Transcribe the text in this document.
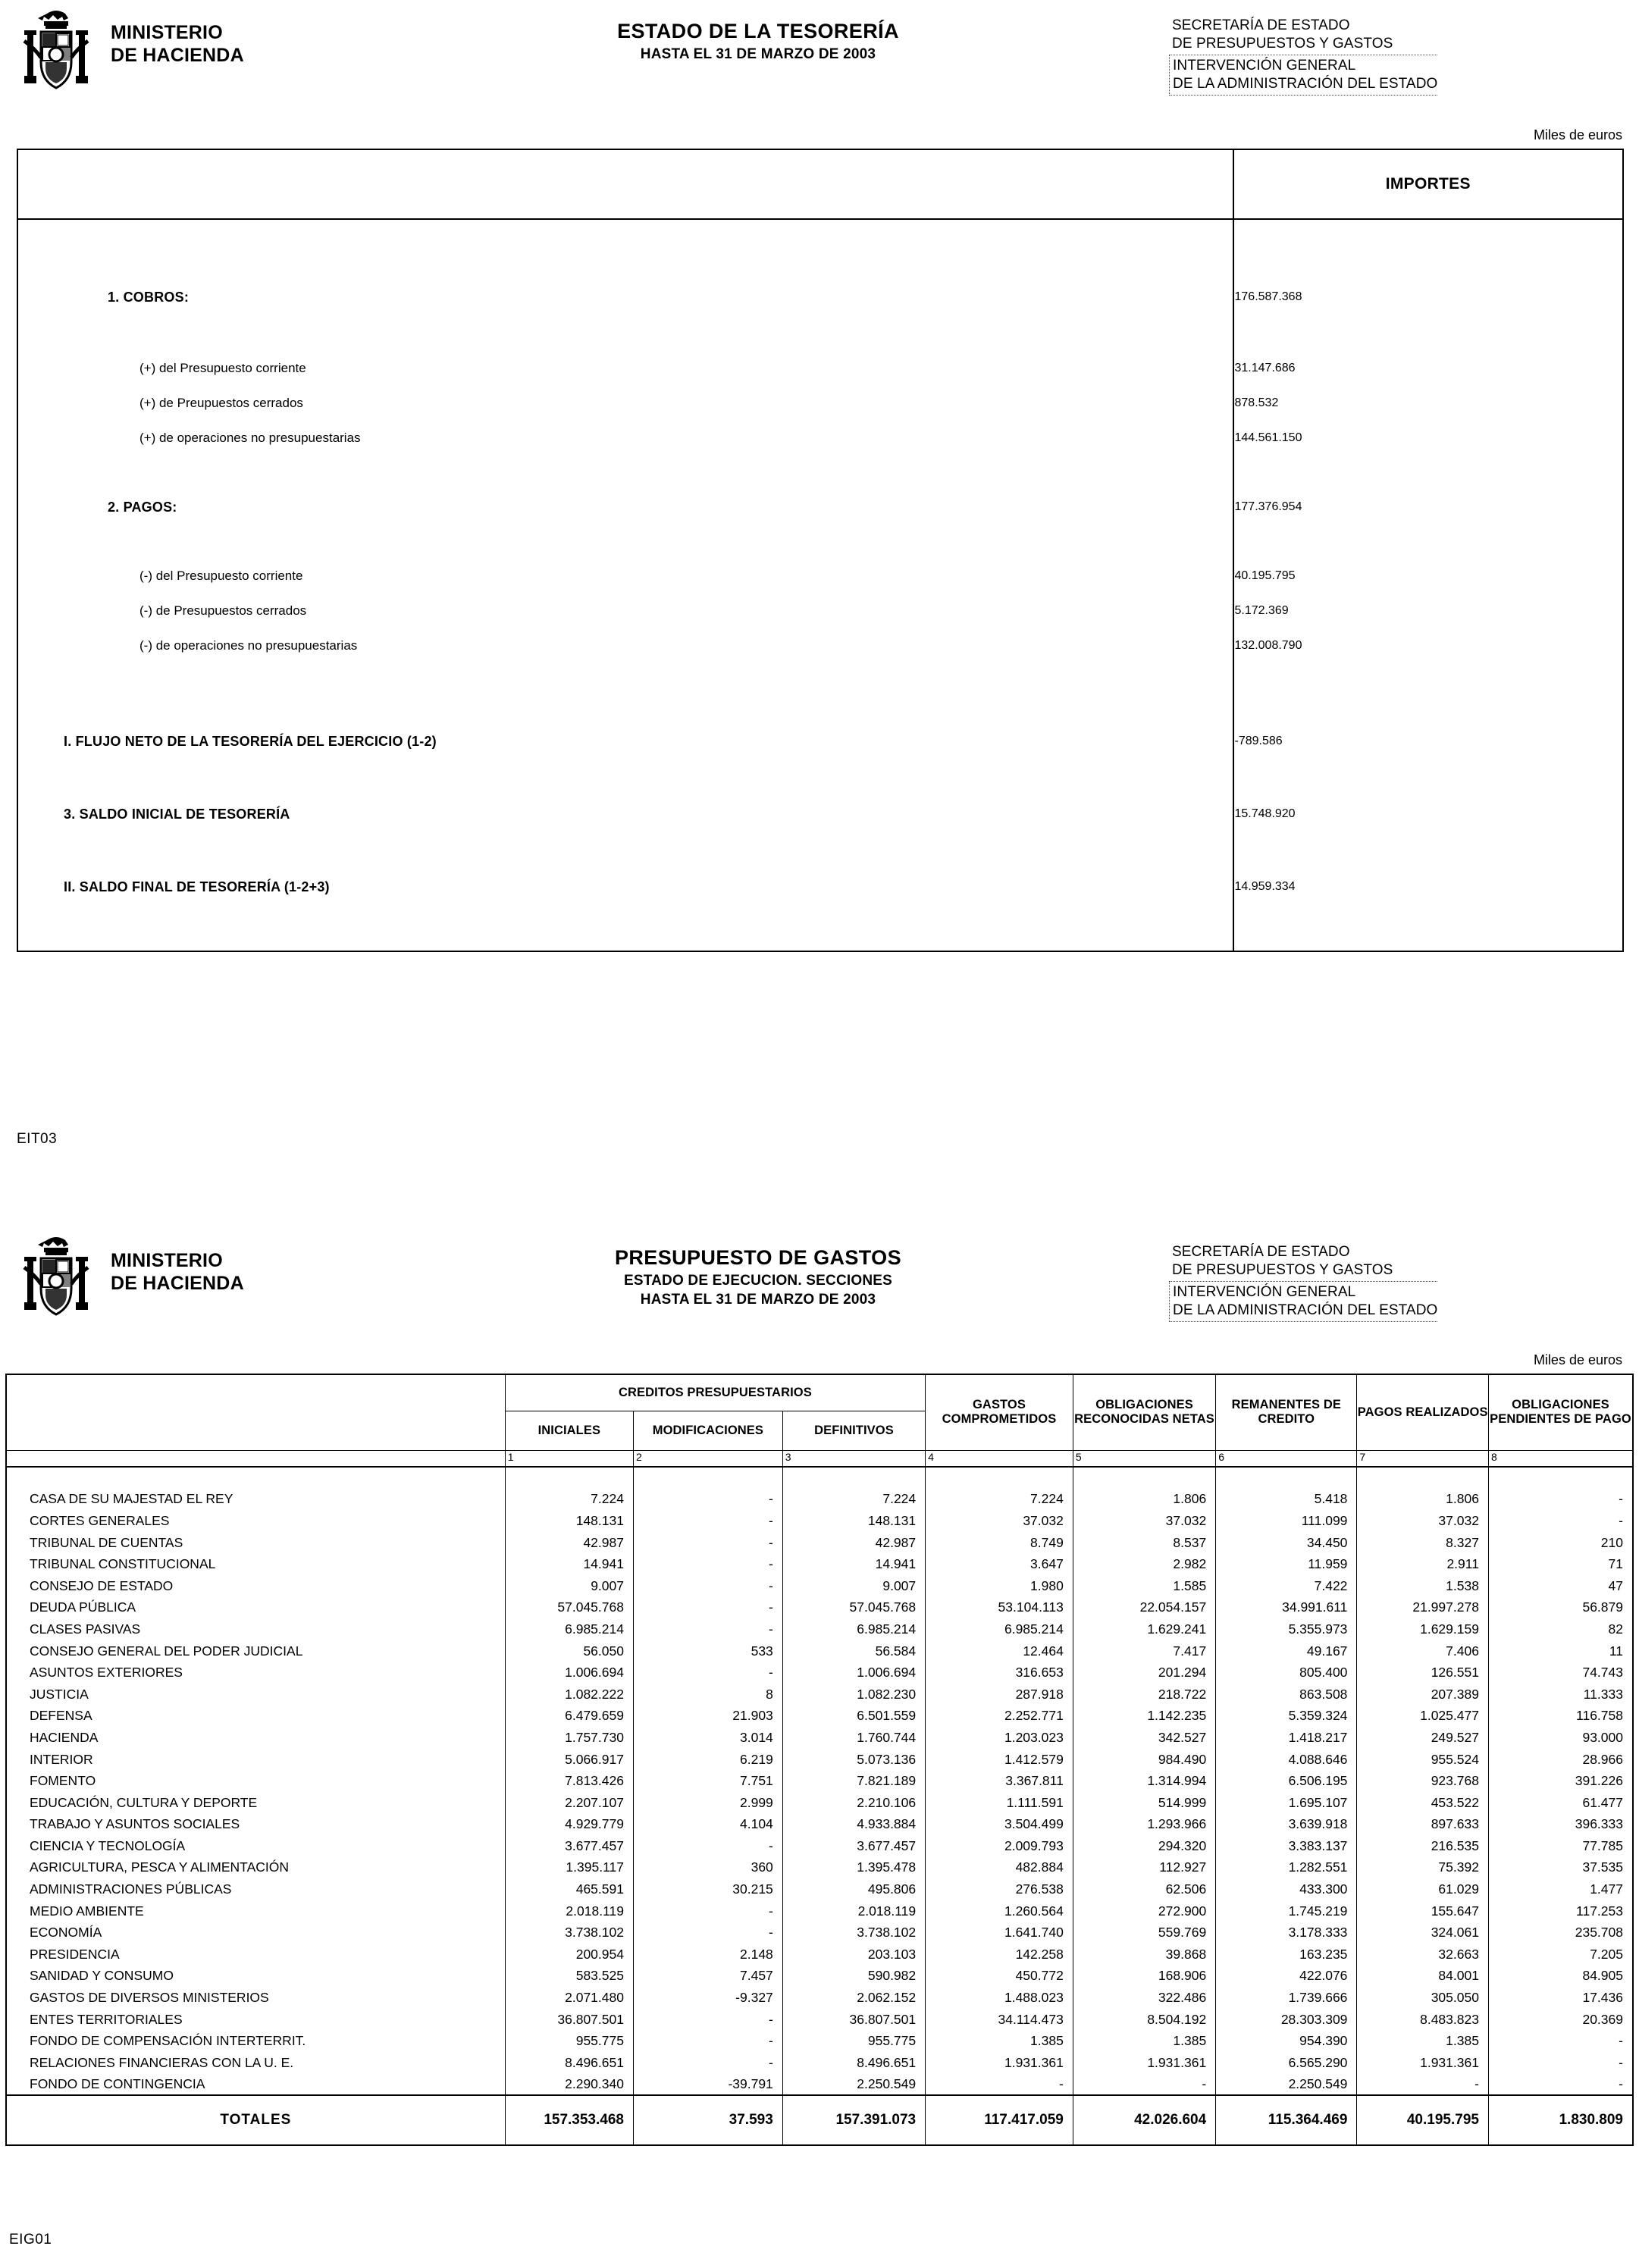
MINISTERIO
DE HACIENDA
ESTADO DE LA TESORERÍA
HASTA EL 31 DE MARZO DE 2003
SECRETARÍA DE ESTADO
DE PRESUPUESTOS Y GASTOS
INTERVENCIÓN GENERAL
DE LA ADMINISTRACIÓN DEL ESTADO
Miles de euros
	IMPORTES

1. COBROS:	176.587.368

(+) del Presupuesto corriente	31.147.686
(+) de Preupuestos cerrados	878.532
(+) de operaciones no presupuestarias	144.561.150

2. PAGOS:	177.376.954

(-) del Presupuesto corriente	40.195.795
(-) de Presupuestos cerrados	5.172.369
(-) de operaciones no presupuestarias	132.008.790

I. FLUJO NETO DE LA TESORERÍA DEL EJERCICIO (1-2)	-789.586

3. SALDO INICIAL DE TESORERÍA	15.748.920

II. SALDO FINAL DE TESORERÍA (1-2+3)	14.959.334

EIT03
MINISTERIO
DE HACIENDA
PRESUPUESTO DE GASTOS
ESTADO DE EJECUCION. SECCIONES
HASTA EL 31 DE MARZO DE 2003
SECRETARÍA DE ESTADO
DE PRESUPUESTOS Y GASTOS
INTERVENCIÓN GENERAL
DE LA ADMINISTRACIÓN DEL ESTADO
Miles de euros
	CREDITOS PRESUPUESTARIOS			GASTOS COMPROMETIDOS	OBLIGACIONES RECONOCIDAS NETAS	REMANENTES DE CREDITO	PAGOS REALIZADOS	OBLIGACIONES PENDIENTES DE PAGO
	INICIALES	MODIFICACIONES	DEFINITIVOS					
	1	2	3	4	5	6	7	8

CASA DE SU MAJESTAD EL REY	7.224	-	7.224	7.224	1.806	5.418	1.806	-
CORTES GENERALES	148.131	-	148.131	37.032	37.032	111.099	37.032	-
TRIBUNAL DE CUENTAS	42.987	-	42.987	8.749	8.537	34.450	8.327	210
TRIBUNAL CONSTITUCIONAL	14.941	-	14.941	3.647	2.982	11.959	2.911	71
CONSEJO DE ESTADO	9.007	-	9.007	1.980	1.585	7.422	1.538	47
DEUDA PÚBLICA	57.045.768	-	57.045.768	53.104.113	22.054.157	34.991.611	21.997.278	56.879
CLASES PASIVAS	6.985.214	-	6.985.214	6.985.214	1.629.241	5.355.973	1.629.159	82
CONSEJO GENERAL DEL PODER JUDICIAL	56.050	533	56.584	12.464	7.417	49.167	7.406	11
ASUNTOS EXTERIORES	1.006.694	-	1.006.694	316.653	201.294	805.400	126.551	74.743
JUSTICIA	1.082.222	8	1.082.230	287.918	218.722	863.508	207.389	11.333
DEFENSA	6.479.659	21.903	6.501.559	2.252.771	1.142.235	5.359.324	1.025.477	116.758
HACIENDA	1.757.730	3.014	1.760.744	1.203.023	342.527	1.418.217	249.527	93.000
INTERIOR	5.066.917	6.219	5.073.136	1.412.579	984.490	4.088.646	955.524	28.966
FOMENTO	7.813.426	7.751	7.821.189	3.367.811	1.314.994	6.506.195	923.768	391.226
EDUCACIÓN, CULTURA Y DEPORTE	2.207.107	2.999	2.210.106	1.111.591	514.999	1.695.107	453.522	61.477
TRABAJO Y ASUNTOS SOCIALES	4.929.779	4.104	4.933.884	3.504.499	1.293.966	3.639.918	897.633	396.333
CIENCIA Y TECNOLOGÍA	3.677.457	-	3.677.457	2.009.793	294.320	3.383.137	216.535	77.785
AGRICULTURA, PESCA Y ALIMENTACIÓN	1.395.117	360	1.395.478	482.884	112.927	1.282.551	75.392	37.535
ADMINISTRACIONES PÚBLICAS	465.591	30.215	495.806	276.538	62.506	433.300	61.029	1.477
MEDIO AMBIENTE	2.018.119	-	2.018.119	1.260.564	272.900	1.745.219	155.647	117.253
ECONOMÍA	3.738.102	-	3.738.102	1.641.740	559.769	3.178.333	324.061	235.708
PRESIDENCIA	200.954	2.148	203.103	142.258	39.868	163.235	32.663	7.205
SANIDAD Y CONSUMO	583.525	7.457	590.982	450.772	168.906	422.076	84.001	84.905
GASTOS DE DIVERSOS MINISTERIOS	2.071.480	-9.327	2.062.152	1.488.023	322.486	1.739.666	305.050	17.436
ENTES TERRITORIALES	36.807.501	-	36.807.501	34.114.473	8.504.192	28.303.309	8.483.823	20.369
FONDO DE COMPENSACIÓN INTERTERRIT.	955.775	-	955.775	1.385	1.385	954.390	1.385	-
RELACIONES FINANCIERAS CON LA U. E.	8.496.651	-	8.496.651	1.931.361	1.931.361	6.565.290	1.931.361	-
FONDO DE CONTINGENCIA	2.290.340	-39.791	2.250.549	-	-	2.250.549	-	-
TOTALES	157.353.468	37.593	157.391.073	117.417.059	42.026.604	115.364.469	40.195.795	1.830.809
EIG01
